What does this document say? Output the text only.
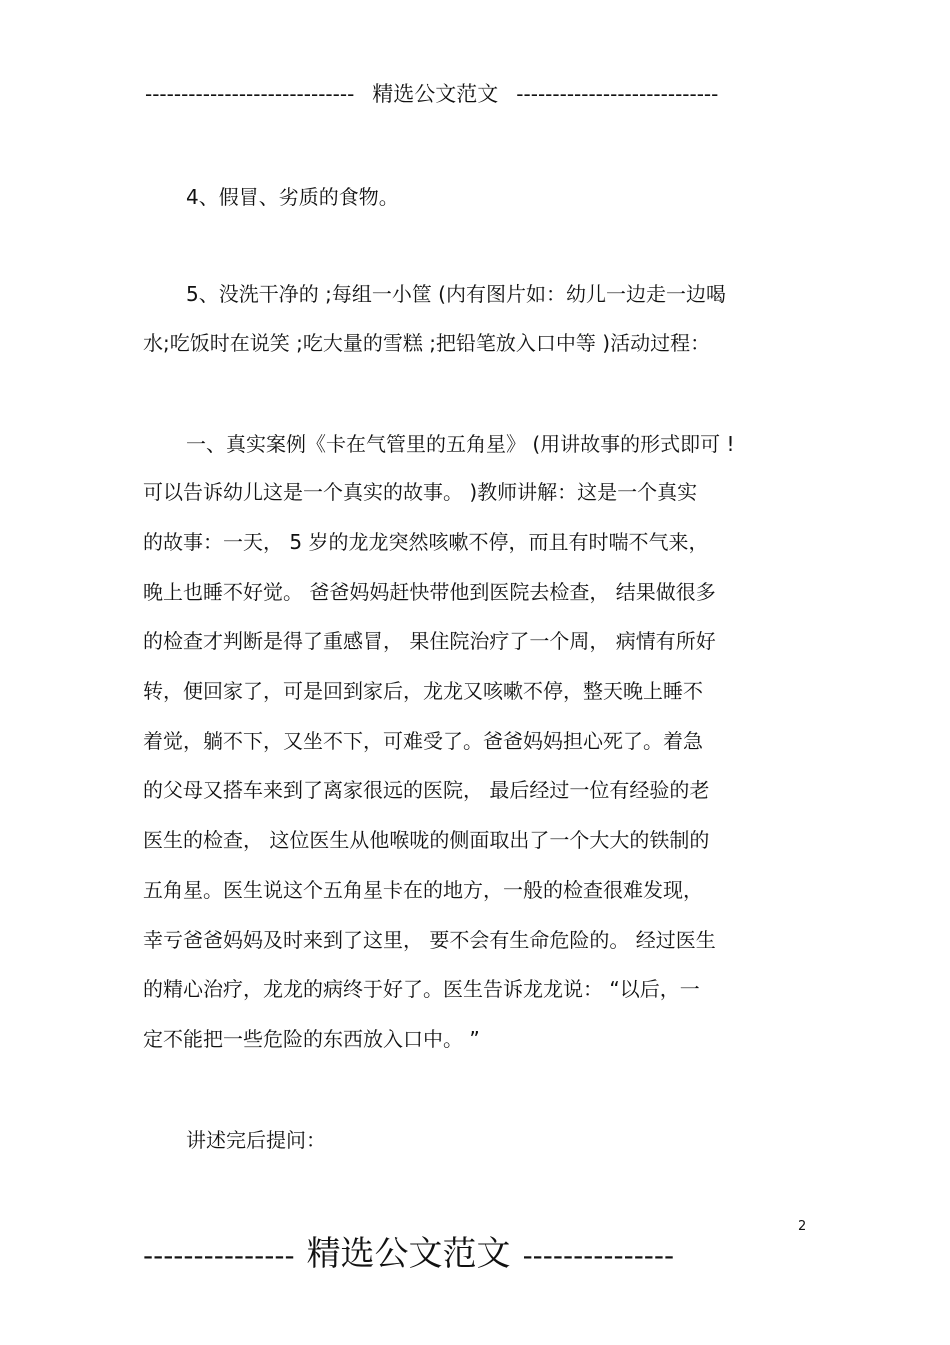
----------------------------- 精选公文范文 ----------------------------
4、假冒、劣质的食物。
5、没洗干净的 ;每组一小筐 (内有图片如：幼儿一边走一边喝
水;吃饭时在说笑 ;吃大量的雪糕 ;把铅笔放入口中等 )活动过程：
一、真实案例《卡在气管里的五角星》 (用讲故事的形式即可 !
可以告诉幼儿这是一个真实的故事。 )教师讲解：这是一个真实
的故事：一天， 5 岁的龙龙突然咳嗽不停，而且有时喘不气来，
晚上也睡不好觉。 爸爸妈妈赶快带他到医院去检查， 结果做很多
的检查才判断是得了重感冒， 果住院治疗了一个周， 病情有所好
转，便回家了，可是回到家后，龙龙又咳嗽不停，整天晚上睡不
着觉，躺不下，又坐不下，可难受了。爸爸妈妈担心死了。着急
的父母又搭车来到了离家很远的医院， 最后经过一位有经验的老
医生的检查， 这位医生从他喉咙的侧面取出了一个大大的铁制的
五角星。医生说这个五角星卡在的地方，一般的检查很难发现，
幸亏爸爸妈妈及时来到了这里， 要不会有生命危险的。 经过医生
的精心治疗，龙龙的病终于好了。医生告诉龙龙说： “以后，一
定不能把一些危险的东西放入口中。 ”
讲述完后提问：
2
--------------- 精选公文范文 ---------------
